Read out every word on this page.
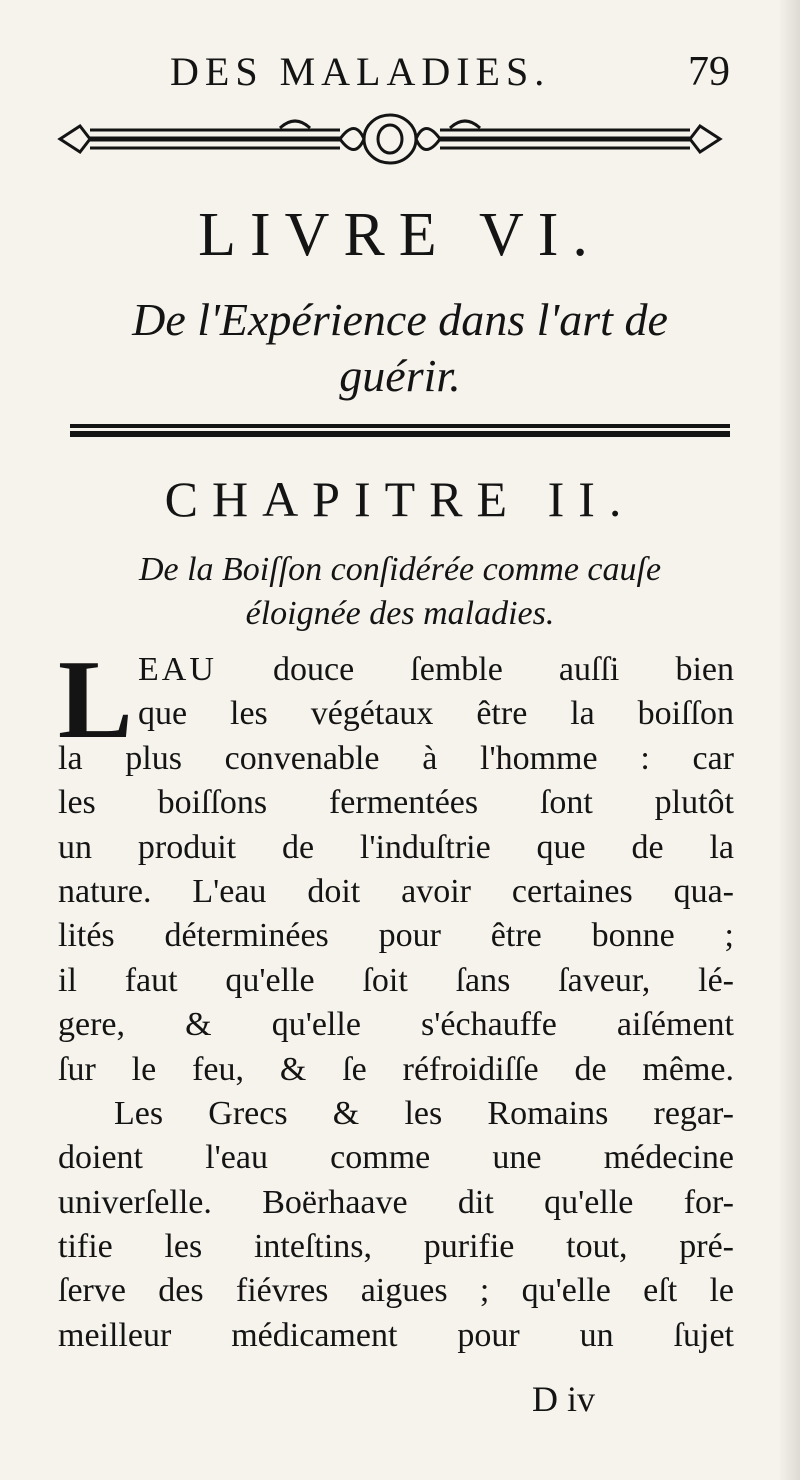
DES MALADIES.	79
LIVRE VI.
De l'Expérience dans l'art de
guérir.
CHAPITRE II.
De la Boiſſon conſidérée comme cauſe
éloignée des maladies.
L EAU douce ſemble auſſi bien
que les végétaux être la boiſſon
la plus convenable à l'homme : car
les boiſſons fermentées ſont plutôt
un produit de l'induſtrie que de la
nature. L'eau doit avoir certaines qua-
lités déterminées pour être bonne ;
il faut qu'elle ſoit ſans ſaveur, lé-
gere, & qu'elle s'échauffe aiſément
ſur le feu, & ſe réfroidiſſe de même.
Les Grecs & les Romains regar-
doient l'eau comme une médecine
univerſelle. Boërhaave dit qu'elle for-
tifie les inteſtins, purifie tout, pré-
ſerve des fiévres aigues ; qu'elle eſt le
meilleur médicament pour un ſujet
D iv
